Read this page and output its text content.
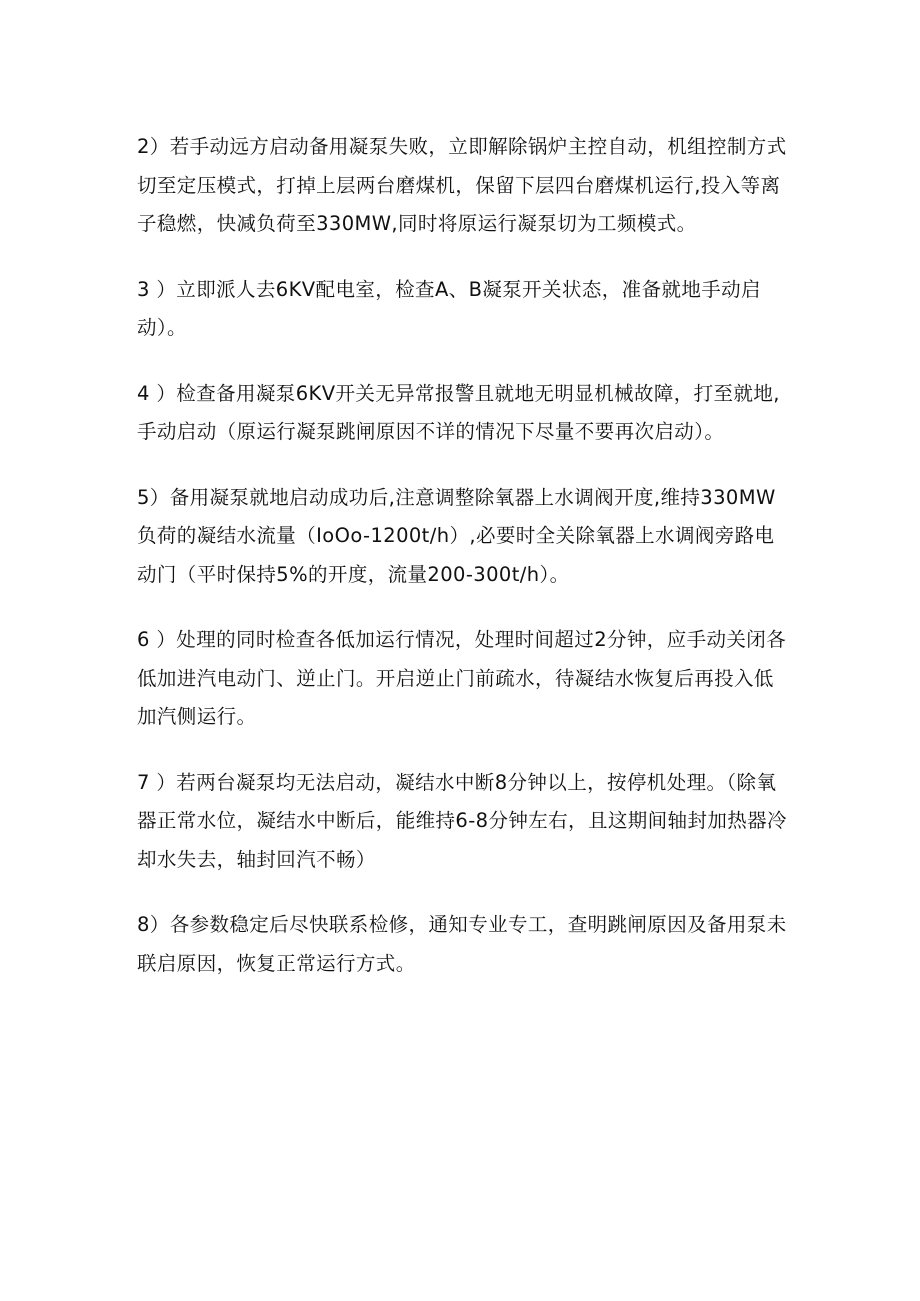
2）若手动远方启动备用凝泵失败，立即解除锅炉主控自动，机组控制方式切至定压模式，打掉上层两台磨煤机，保留下层四台磨煤机运行,投入等离子稳燃，快减负荷至330MW,同时将原运行凝泵切为工频模式。

3 ）立即派人去6KV配电室，检查A、B凝泵开关状态，准备就地手动启动）。

4 ）检查备用凝泵6KV开关无异常报警且就地无明显机械故障，打至就地,手动启动（原运行凝泵跳闸原因不详的情况下尽量不要再次启动）。

5）备用凝泵就地启动成功后,注意调整除氧器上水调阀开度,维持330MW负荷的凝结水流量（IoOo-1200t∕h）,必要时全关除氧器上水调阀旁路电动门（平时保持5%的开度，流量200-300t∕h）。

6 ）处理的同时检查各低加运行情况，处理时间超过2分钟，应手动关闭各低加进汽电动门、逆止门。开启逆止门前疏水，待凝结水恢复后再投入低加汽侧运行。

7 ）若两台凝泵均无法启动，凝结水中断8分钟以上，按停机处理。（除氧器正常水位，凝结水中断后，能维持6-8分钟左右，且这期间轴封加热器冷却水失去，轴封回汽不畅）

8）各参数稳定后尽快联系检修，通知专业专工，查明跳闸原因及备用泵未联启原因，恢复正常运行方式。
